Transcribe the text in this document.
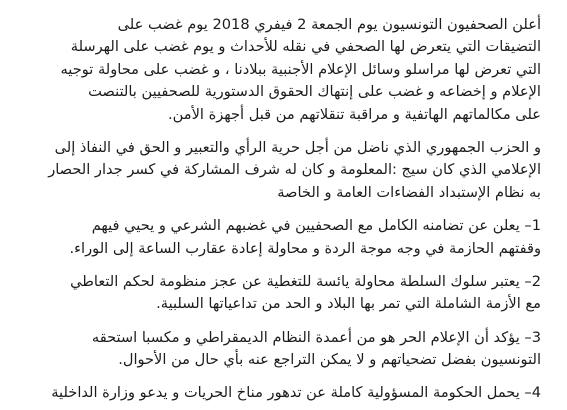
أعلن الصحفيون التونسيون يوم الجمعة 2 فيفري 2018 يوم غضب على
التضيقات التي يتعرض لها الصحفي في نقله للأحداث و يوم غضب على الهرسلة
التي تعرض لها مراسلو وسائل الإعلام الأجنبية ببلادنا ، و غضب على محاولة توجيه
الإعلام و إخضاعه و غضب على إنتهاك الحقوق الدستورية للصحفيين بالتنصت
على مكالماتهم الهاتفية و مراقبة تنقلاتهم من قبل أجهزة الأمن.
و الحزب الجمهوري الذي ناضل من أجل حرية الرأي والتعبير و الحق في النفاذ إلى
الإعلامي الذي كان سيج :المعلومة و كان له شرف المشاركة في كسر جدار الحصار
به نظام الإستبداد الفضاءات العامة و الخاصة
1– يعلن عن تضامنه الكامل مع الصحفيين في غضبهم الشرعي و يحيي فيهم
وقفتهم الحازمة في وجه موجة الردة و محاولة إعادة عقارب الساعة إلى الوراء.
2– يعتبر سلوك السلطة محاولة يائسة للتغطية عن عجز منظومة لحكم التعاطي
مع الأزمة الشاملة التي تمر بها البلاد و الحد من تداعياتها السلبية.
3– يؤكد أن الإعلام الحر هو من أعمدة النظام الديمقراطي و مكسبا استحقه
التونسيون بفضل تضحياتهم و لا يمكن التراجع عنه بأي حال من الأحوال.
4– يحمل الحكومة المسؤولية كاملة عن تدهور مناخ الحريات و يدعو وزارة الداخلية
